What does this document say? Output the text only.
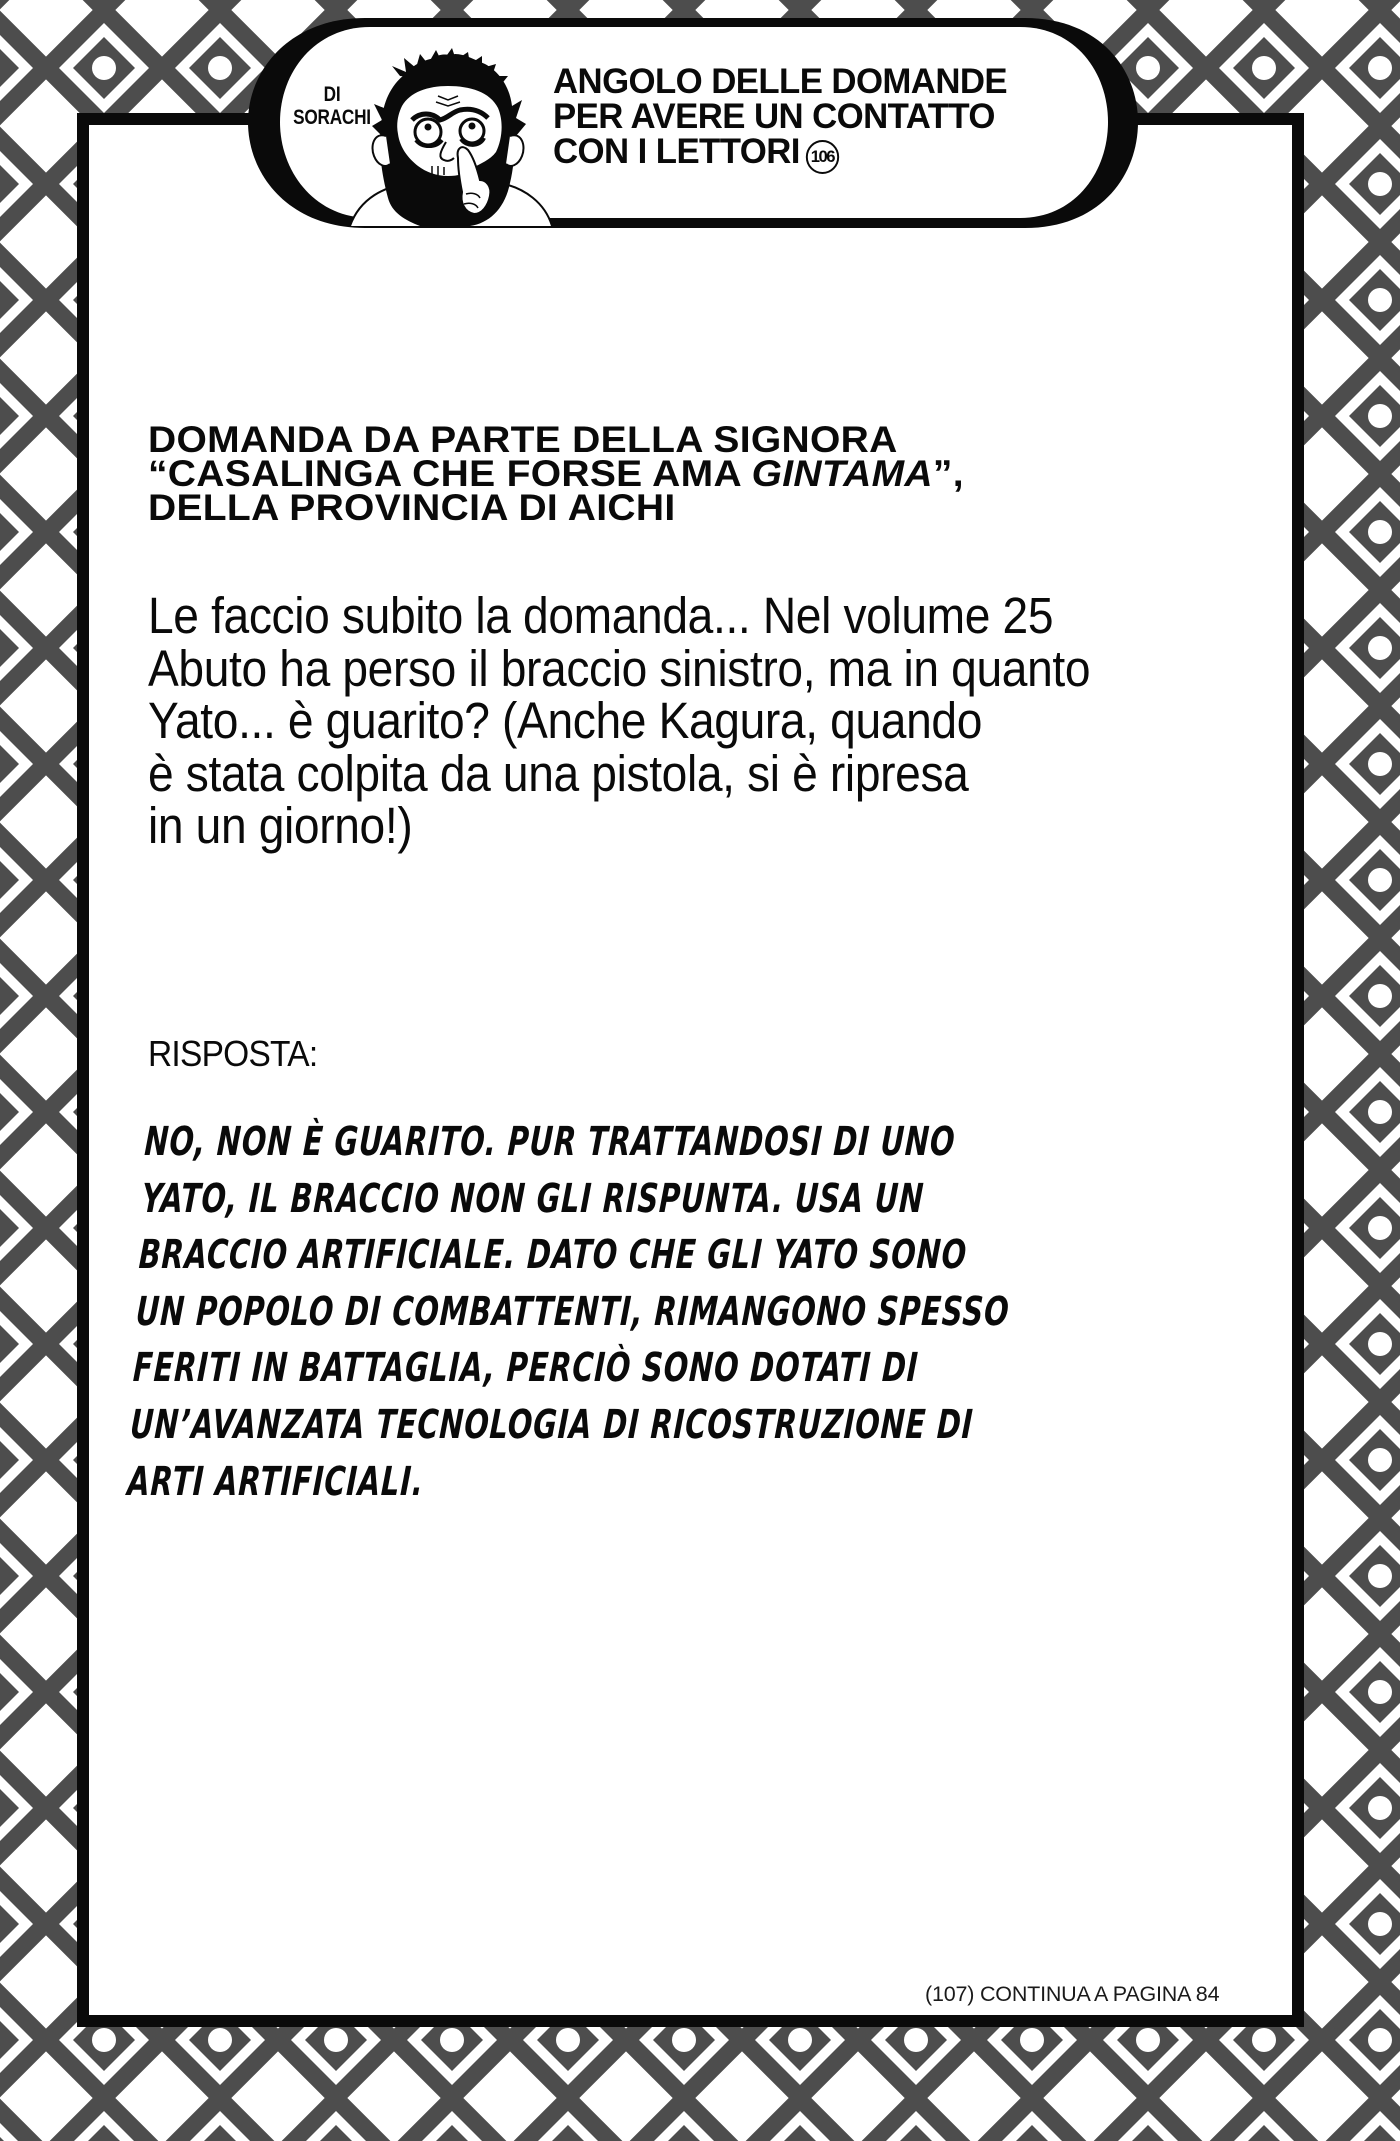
DI
SORACHI
ANGOLO DELLE DOMANDE
PER AVERE UN CONTATTO
CON I LETTORI 106
DOMANDA DA PARTE DELLA SIGNORA
“CASALINGA CHE FORSE AMA GINTAMA”,
DELLA PROVINCIA DI AICHI
Le faccio subito la domanda... Nel volume 25
Abuto ha perso il braccio sinistro, ma in quanto
Yato... è guarito? (Anche Kagura, quando
è stata colpita da una pistola, si è ripresa
in un giorno!)
RISPOSTA:
NO, NON È GUARITO. PUR TRATTANDOSI DI UNO
YATO, IL BRACCIO NON GLI RISPUNTA. USA UN
BRACCIO ARTIFICIALE. DATO CHE GLI YATO SONO
UN POPOLO DI COMBATTENTI, RIMANGONO SPESSO
FERITI IN BATTAGLIA, PERCIÒ SONO DOTATI DI
UN’AVANZATA TECNOLOGIA DI RICOSTRUZIONE DI
ARTI ARTIFICIALI.
(107) CONTINUA A PAGINA 84
